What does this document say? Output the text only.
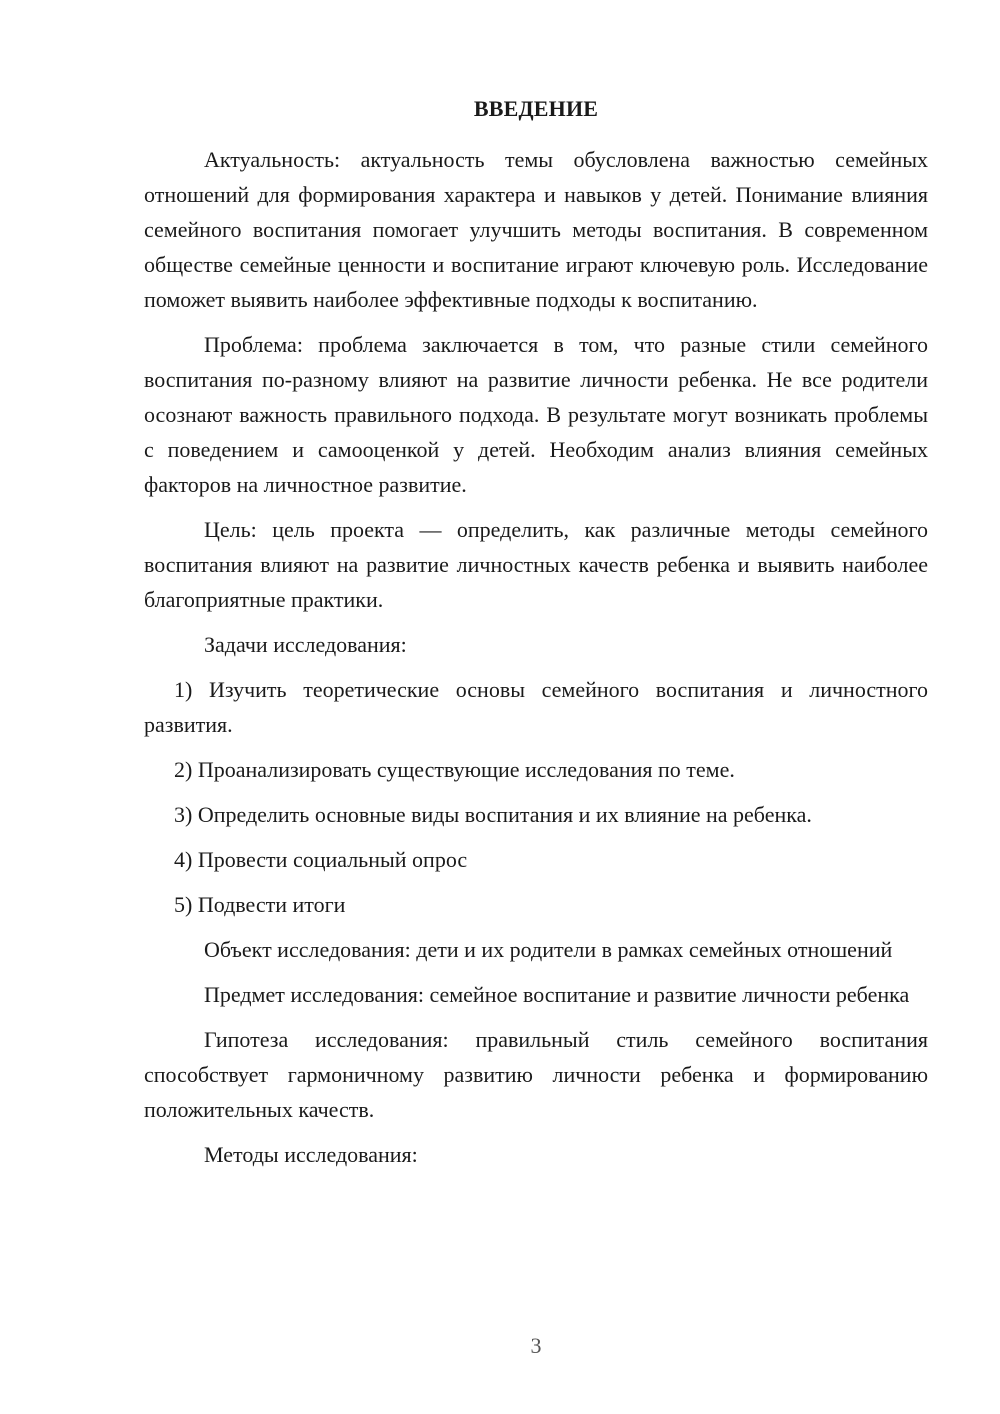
ВВЕДЕНИЕ

Актуальность: актуальность темы обусловлена важностью семейных отношений для формирования характера и навыков у детей. Понимание влияния семейного воспитания помогает улучшить методы воспитания. В современном обществе семейные ценности и воспитание играют ключевую роль. Исследование поможет выявить наиболее эффективные подходы к воспитанию.

Проблема: проблема заключается в том, что разные стили семейного воспитания по-разному влияют на развитие личности ребенка. Не все родители осознают важность правильного подхода. В результате могут возникать проблемы с поведением и самооценкой у детей. Необходим анализ влияния семейных факторов на личностное развитие.

Цель: цель проекта — определить, как различные методы семейного воспитания влияют на развитие личностных качеств ребенка и выявить наиболее благоприятные практики.

Задачи исследования:

1) Изучить теоретические основы семейного воспитания и личностного развития.

2) Проанализировать существующие исследования по теме.

3) Определить основные виды воспитания и их влияние на ребенка.

4) Провести социальный опрос

5) Подвести итоги

Объект исследования: дети и их родители в рамках семейных отношений

Предмет исследования: семейное воспитание и развитие личности ребенка

Гипотеза исследования: правильный стиль семейного воспитания способствует гармоничному развитию личности ребенка и формированию положительных качеств.

Методы исследования:

3
